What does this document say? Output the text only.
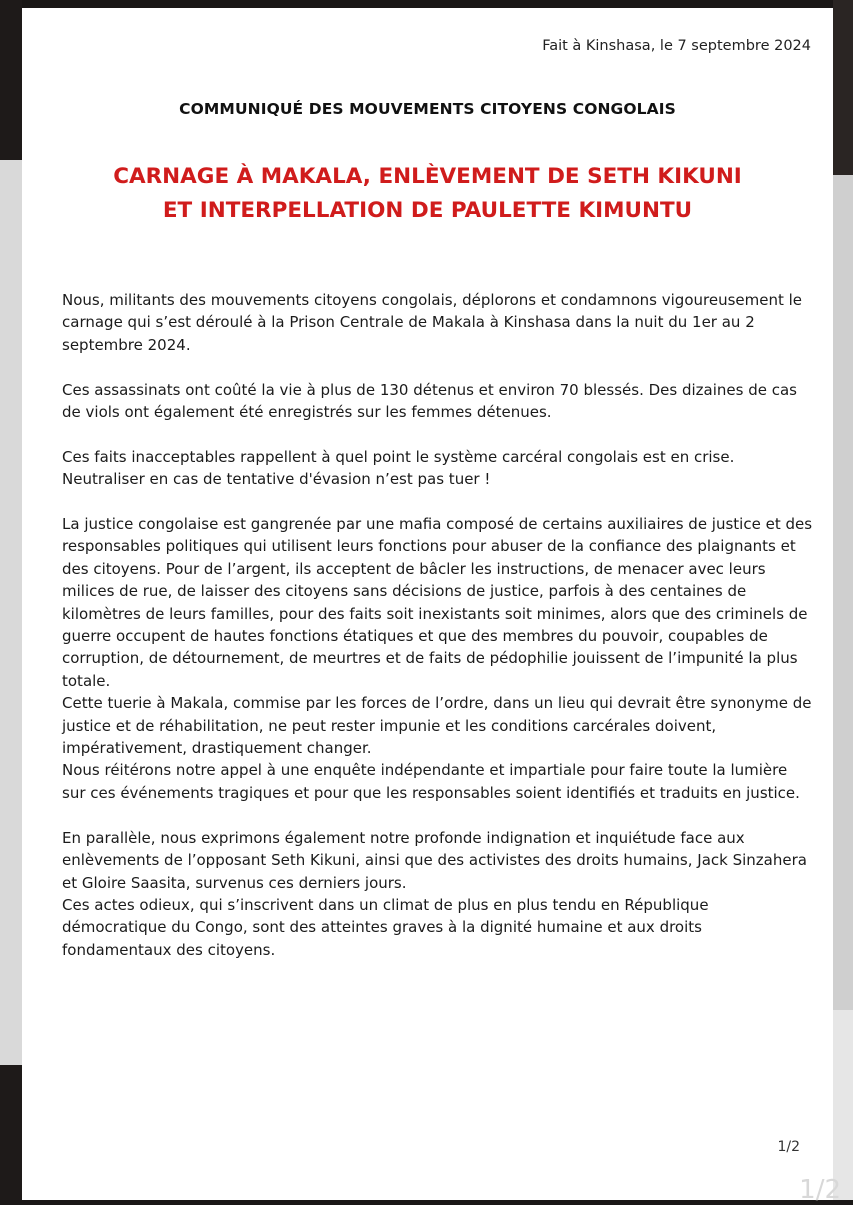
Fait à Kinshasa, le 7 septembre 2024
COMMUNIQUÉ DES MOUVEMENTS CITOYENS CONGOLAIS
CARNAGE À MAKALA, ENLÈVEMENT DE SETH KIKUNI
ET INTERPELLATION DE PAULETTE KIMUNTU

Nous, militants des mouvements citoyens congolais, déplorons et condamnons vigoureusement le carnage qui s’est déroulé à la Prison Centrale de Makala à Kinshasa dans la nuit du 1er au 2 septembre 2024.

Ces assassinats ont coûté la vie à plus de 130 détenus et environ 70 blessés. Des dizaines de cas de viols ont également été enregistrés sur les femmes détenues.

Ces faits inacceptables rappellent à quel point le système carcéral congolais est en crise. Neutraliser en cas de tentative d'évasion n’est pas tuer !

La justice congolaise est gangrenée par une mafia composé de certains auxiliaires de justice et des responsables politiques qui utilisent leurs fonctions pour abuser de la confiance des plaignants et des citoyens. Pour de l’argent, ils acceptent de bâcler les instructions, de menacer avec leurs milices de rue, de laisser des citoyens sans décisions de justice, parfois à des centaines de kilomètres de leurs familles, pour des faits soit inexistants soit minimes, alors que des criminels de guerre occupent de hautes fonctions étatiques et que des membres du pouvoir, coupables de corruption, de détournement, de meurtres et de faits de pédophilie jouissent de l’impunité la plus totale.

Cette tuerie à Makala, commise par les forces de l’ordre, dans un lieu qui devrait être synonyme de justice et de réhabilitation, ne peut rester impunie et les conditions carcérales doivent, impérativement, drastiquement changer.

Nous réitérons notre appel à une enquête indépendante et impartiale pour faire toute la lumière sur ces événements tragiques et pour que les responsables soient identifiés et traduits en justice.

En parallèle, nous exprimons également notre profonde indignation et inquiétude face aux enlèvements de l’opposant Seth Kikuni, ainsi que des activistes des droits humains, Jack Sinzahera et Gloire Saasita, survenus ces derniers jours.

Ces actes odieux, qui s’inscrivent dans un climat de plus en plus tendu en République démocratique du Congo, sont des atteintes graves à la dignité humaine et aux droits fondamentaux des citoyens.

1/2
1/2
